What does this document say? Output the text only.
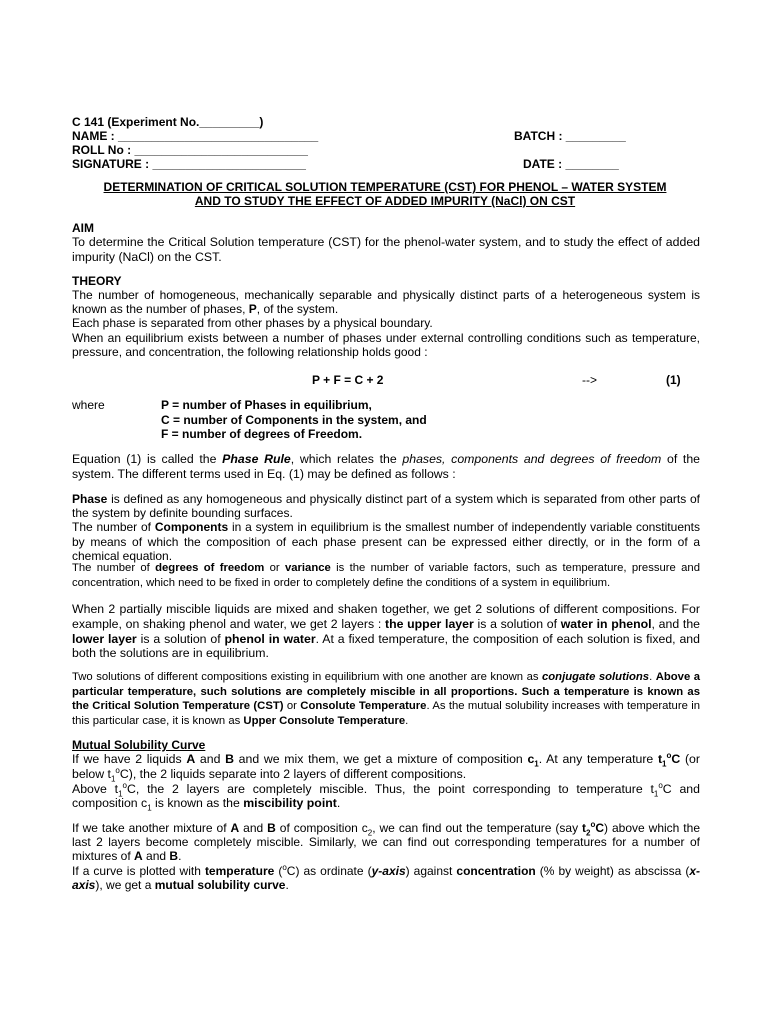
C 141 (Experiment No._________)
NAME : ______________________________	BATCH : _________
ROLL No : __________________________
SIGNATURE : _______________________	DATE : ________
DETERMINATION OF CRITICAL SOLUTION TEMPERATURE (CST) FOR PHENOL – WATER SYSTEM
AND TO STUDY THE EFFECT OF ADDED IMPURITY (NaCl) ON CST
AIM
To determine the Critical Solution temperature (CST) for the phenol-water system, and to study the effect of added impurity (NaCl) on the CST.
THEORY
The number of homogeneous, mechanically separable and physically distinct parts of a heterogeneous system is known as the number of phases, P, of the system.
Each phase is separated from other phases by a physical boundary.
When an equilibrium exists between a number of phases under external controlling conditions such as temperature, pressure, and concentration, the following relationship holds good :
P + F = C + 2	-->	(1)
where	P = number of Phases in equilibrium,
C = number of Components in the system, and
F = number of degrees of Freedom.
Equation (1) is called the Phase Rule, which relates the phases, components and degrees of freedom of the system. The different terms used in Eq. (1) may be defined as follows :
Phase is defined as any homogeneous and physically distinct part of a system which is separated from other parts of the system by definite bounding surfaces.
The number of Components in a system in equilibrium is the smallest number of independently variable constituents by means of which the composition of each phase present can be expressed either directly, or in the form of a chemical equation.
The number of degrees of freedom or variance is the number of variable factors, such as temperature, pressure and concentration, which need to be fixed in order to completely define the conditions of a system in equilibrium.
When 2 partially miscible liquids are mixed and shaken together, we get 2 solutions of different compositions. For example, on shaking phenol and water, we get 2 layers : the upper layer is a solution of water in phenol, and the lower layer is a solution of phenol in water. At a fixed temperature, the composition of each solution is fixed, and both the solutions are in equilibrium.
Two solutions of different compositions existing in equilibrium with one another are known as conjugate solutions. Above a particular temperature, such solutions are completely miscible in all proportions. Such a temperature is known as the Critical Solution Temperature (CST) or Consolute Temperature. As the mutual solubility increases with temperature in this particular case, it is known as Upper Consolute Temperature.
Mutual Solubility Curve
If we have 2 liquids A and B and we mix them, we get a mixture of composition $c_1$. At any temperature $t_1^oC$ (or below $t_1^oC$), the 2 liquids separate into 2 layers of different compositions.
Above $t_1^oC$, the 2 layers are completely miscible. Thus, the point corresponding to temperature $t_1^oC$ and composition $c_1$ is known as the miscibility point.
If we take another mixture of A and B of composition $c_2$, we can find out the temperature (say $t_2^oC$) above which the last 2 layers become completely miscible. Similarly, we can find out corresponding temperatures for a number of mixtures of A and B.
If a curve is plotted with temperature ($^o$C) as ordinate (y-axis) against concentration (% by weight) as abscissa (x-axis), we get a mutual solubility curve.
